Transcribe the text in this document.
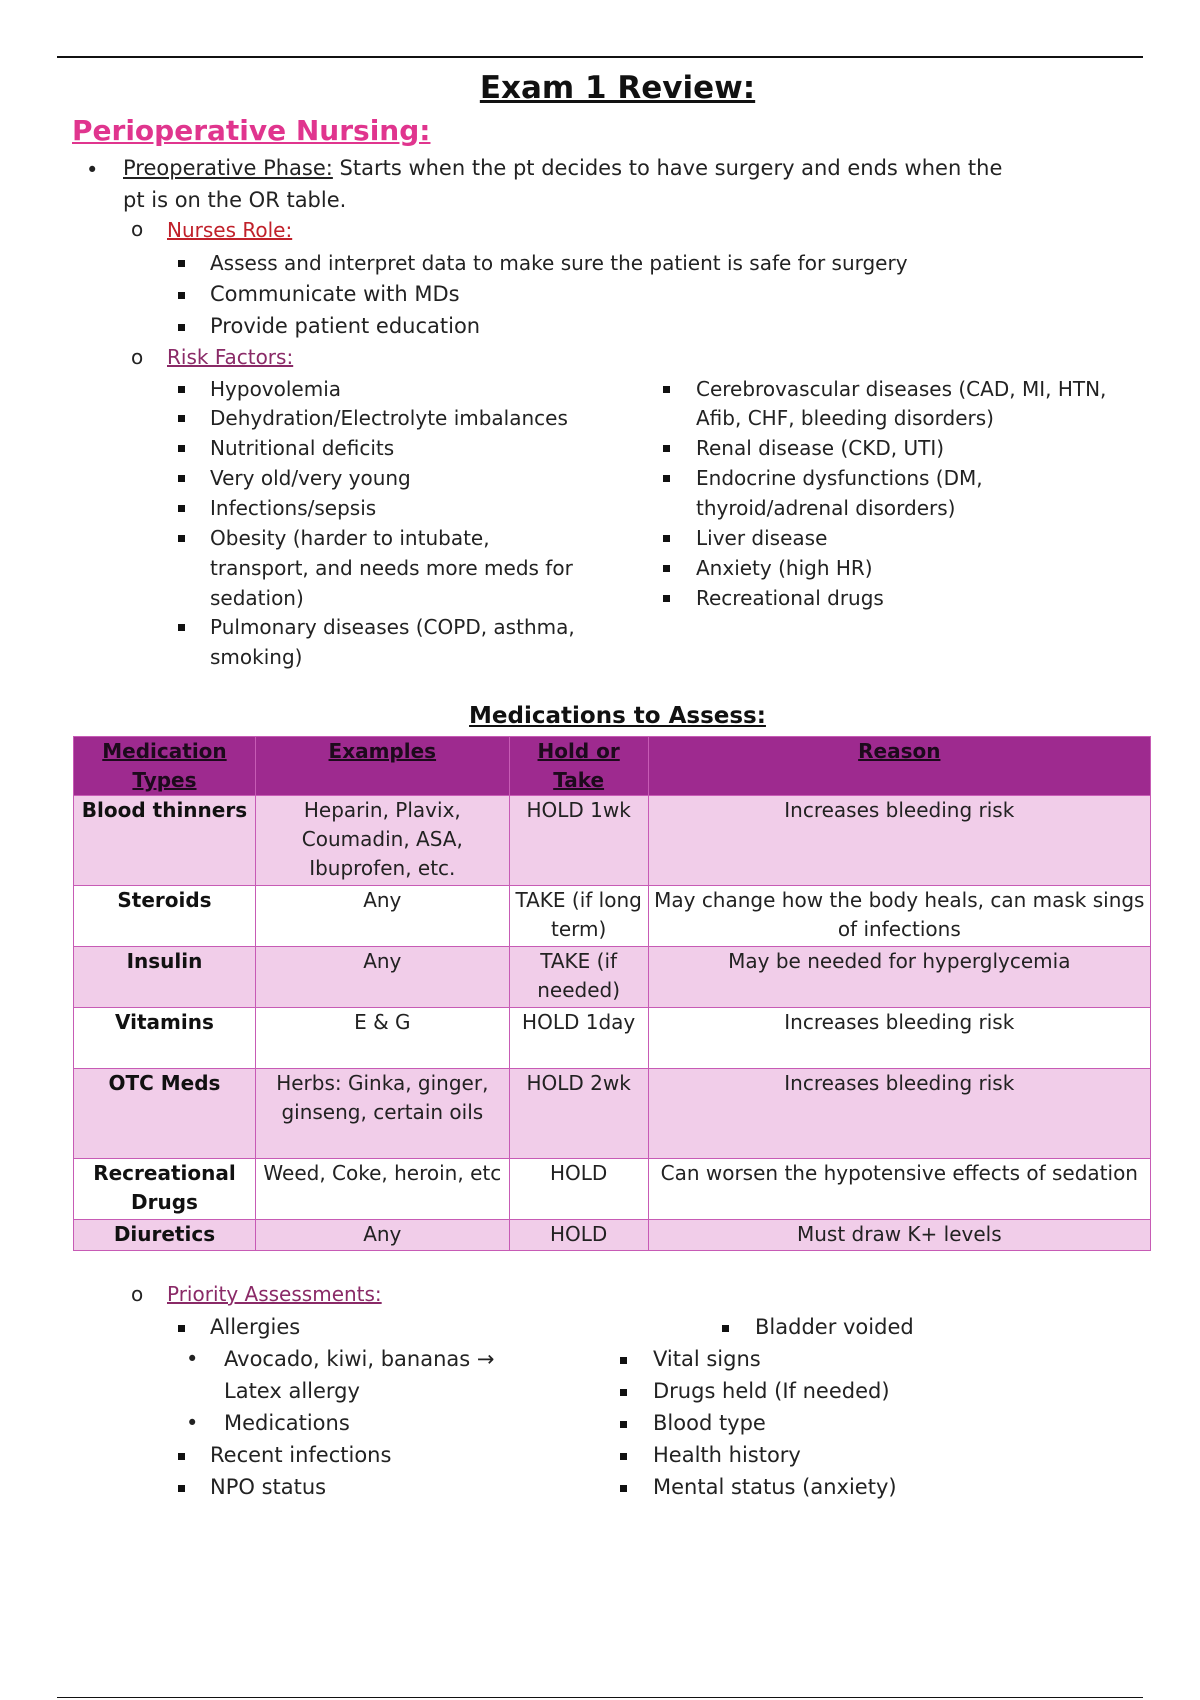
Exam 1 Review:
Perioperative Nursing:
• Preoperative Phase: Starts when the pt decides to have surgery and ends when the
pt is on the OR table.
o Nurses Role:
Assess and interpret data to make sure the patient is safe for surgery
Communicate with MDs
Provide patient education
o Risk Factors:
Hypovolemia
Dehydration/Electrolyte imbalances
Nutritional deficits
Very old/very young
Infections/sepsis
Obesity (harder to intubate,
transport, and needs more meds for
sedation)
Pulmonary diseases (COPD, asthma,
smoking)
Cerebrovascular diseases (CAD, MI, HTN,
Afib, CHF, bleeding disorders)
Renal disease (CKD, UTI)
Endocrine dysfunctions (DM,
thyroid/adrenal disorders)
Liver disease
Anxiety (high HR)
Recreational drugs
Medications to Assess:
Medication Types	Examples	Hold or Take	Reason
Blood thinners	Heparin, Plavix, Coumadin, ASA, Ibuprofen, etc.	HOLD 1wk	Increases bleeding risk
Steroids	Any	TAKE (if long term)	May change how the body heals, can mask sings of infections
Insulin	Any	TAKE (if needed)	May be needed for hyperglycemia
Vitamins	E & G	HOLD 1day	Increases bleeding risk
OTC Meds	Herbs: Ginka, ginger, ginseng, certain oils	HOLD 2wk	Increases bleeding risk
Recreational Drugs	Weed, Coke, heroin, etc	HOLD	Can worsen the hypotensive effects of sedation
Diuretics	Any	HOLD	Must draw K+ levels
o Priority Assessments:
Allergies
• Avocado, kiwi, bananas →
Latex allergy
• Medications
Recent infections
NPO status
Bladder voided
Vital signs
Drugs held (If needed)
Blood type
Health history
Mental status (anxiety)
